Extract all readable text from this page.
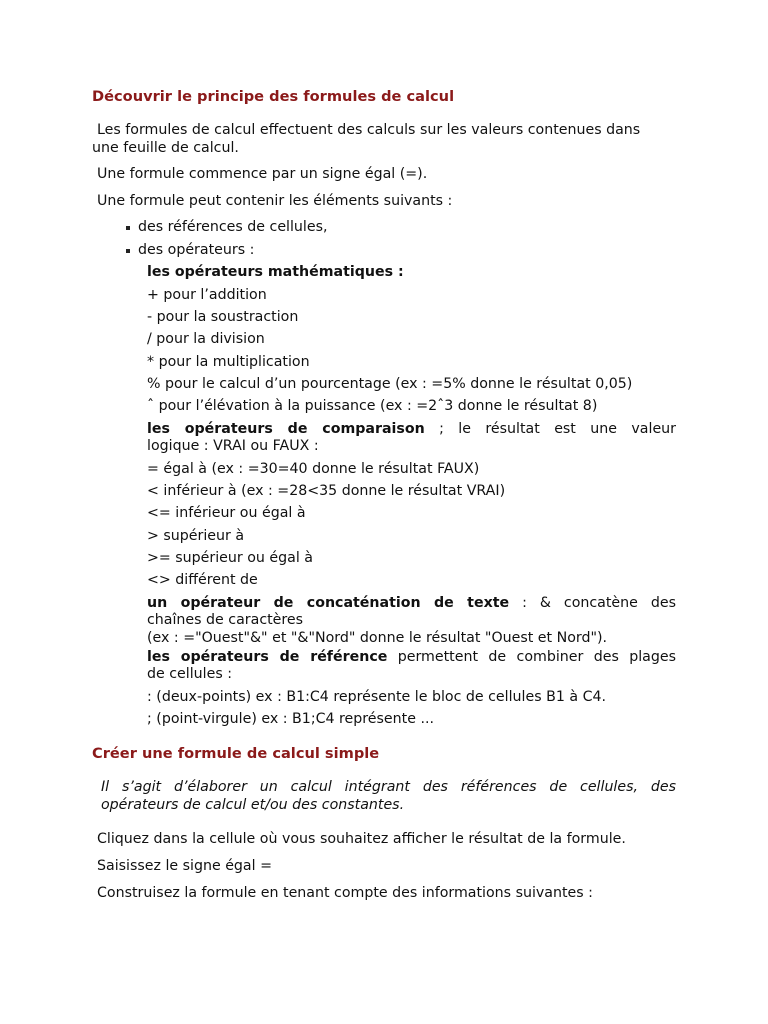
Découvrir le principe des formules de calcul
Les formules de calcul effectuent des calculs sur les valeurs contenues dans
une feuille de calcul.
Une formule commence par un signe égal (=).
Une formule peut contenir les éléments suivants :
des références de cellules,
des opérateurs :
les opérateurs mathématiques :
+ pour l’addition
- pour la soustraction
/ pour la division
* pour la multiplication
% pour le calcul d’un pourcentage (ex : =5% donne le résultat 0,05)
ˆ pour l’élévation à la puissance (ex : =2ˆ3 donne le résultat 8)
les opérateurs de comparaison ; le résultat est une valeur
logique : VRAI ou FAUX :
= égal à (ex : =30=40 donne le résultat FAUX)
< inférieur à (ex : =28<35 donne le résultat VRAI)
<= inférieur ou égal à
> supérieur à
>= supérieur ou égal à
<> différent de
un opérateur de concaténation de texte : & concatène des
chaînes de caractères
(ex : ="Ouest"&" et "&"Nord" donne le résultat "Ouest et Nord").
les opérateurs de référence permettent de combiner des plages
de cellules :
: (deux-points) ex : B1:C4 représente le bloc de cellules B1 à C4.
; (point-virgule) ex : B1;C4 représente ...
Créer une formule de calcul simple
Il s’agit d’élaborer un calcul intégrant des références de cellules, des
opérateurs de calcul et/ou des constantes.
Cliquez dans la cellule où vous souhaitez afficher le résultat de la formule.
Saisissez le signe égal =
Construisez la formule en tenant compte des informations suivantes :
